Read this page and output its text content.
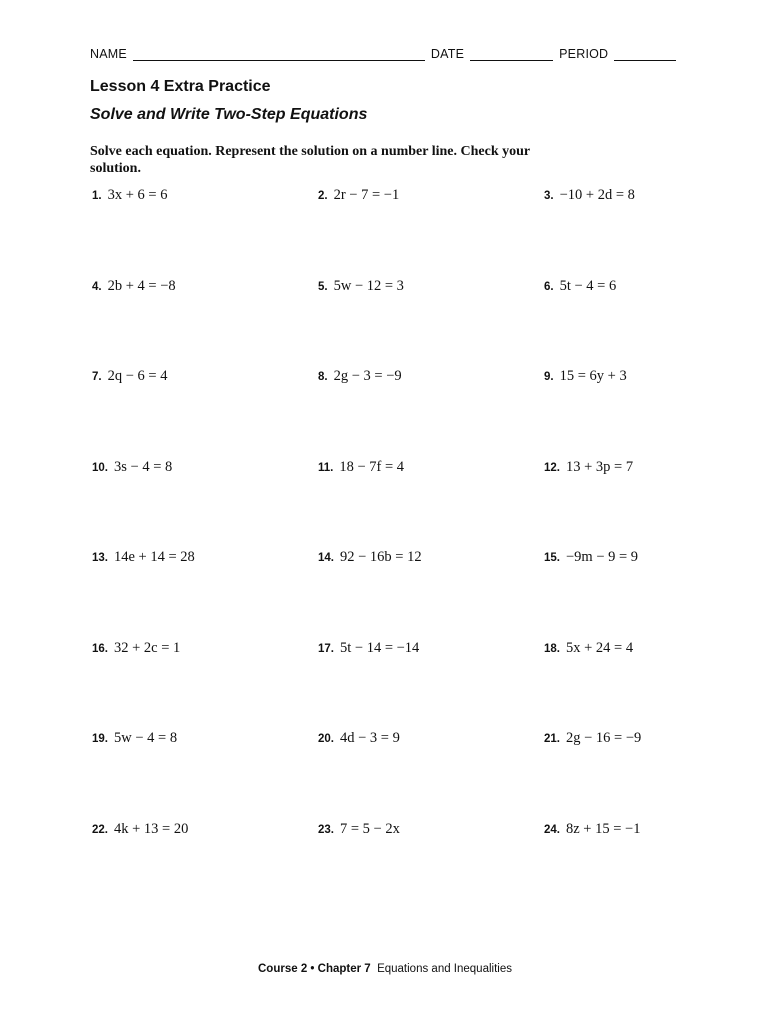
NAME	DATE	PERIOD
Lesson 4 Extra Practice
Solve and Write Two-Step Equations
Solve each equation. Represent the solution on a number line. Check your solution.
1. 3x + 6 = 6	2. 2r − 7 = −1	3. −10 + 2d = 8
4. 2b + 4 = −8	5. 5w − 12 = 3	6. 5t − 4 = 6
7. 2q − 6 = 4	8. 2g − 3 = −9	9. 15 = 6y + 3
10. 3s − 4 = 8	11. 18 − 7f = 4	12. 13 + 3p = 7
13. 14e + 14 = 28	14. 92 − 16b = 12	15. −9m − 9 = 9
16. 32 + 2c = 1	17. 5t − 14 = −14	18. 5x + 24 = 4
19. 5w − 4 = 8	20. 4d − 3 = 9	21. 2g − 16 = −9
22. 4k + 13 = 20	23. 7 = 5 − 2x	24. 8z + 15 = −1
Course 2 • Chapter 7 Equations and Inequalities
